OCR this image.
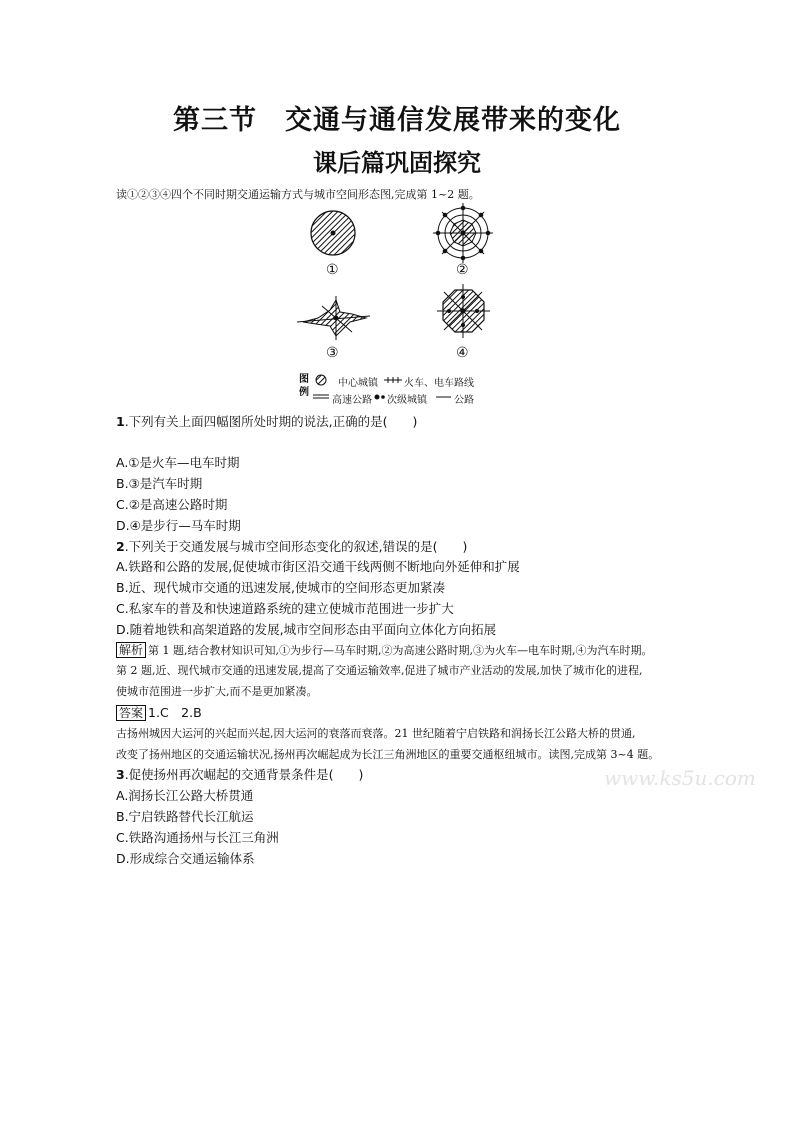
第三节　交通与通信发展带来的变化
课后篇巩固探究
读①②③④四个不同时期交通运输方式与城市空间形态图,完成第 1~2 题。
①	②
③	④
图例
中心城镇	火车、电车路线
高速公路 次级城镇	公路
1.下列有关上面四幅图所处时期的说法,正确的是(　　)
A.①是火车—电车时期
B.③是汽车时期
C.②是高速公路时期
D.④是步行—马车时期
2.下列关于交通发展与城市空间形态变化的叙述,错误的是(　　)
A.铁路和公路的发展,促使城市街区沿交通干线两侧不断地向外延伸和扩展
B.近、现代城市交通的迅速发展,使城市的空间形态更加紧凑
C.私家车的普及和快速道路系统的建立使城市范围进一步扩大
D.随着地铁和高架道路的发展,城市空间形态由平面向立体化方向拓展
解析 第 1 题,结合教材知识可知,①为步行—马车时期,②为高速公路时期,③为火车—电车时期,④为汽车时期。
第 2 题,近、现代城市交通的迅速发展,提高了交通运输效率,促进了城市产业活动的发展,加快了城市化的进程,
使城市范围进一步扩大,而不是更加紧凑。
答案 1.C　2.B
古扬州城因大运河的兴起而兴起,因大运河的衰落而衰落。21 世纪随着宁启铁路和润扬长江公路大桥的贯通,
改变了扬州地区的交通运输状况,扬州再次崛起成为长江三角洲地区的重要交通枢纽城市。读图,完成第 3~4 题。
www.ks5u.com
3.促使扬州再次崛起的交通背景条件是(　　)
A.润扬长江公路大桥贯通
B.宁启铁路替代长江航运
C.铁路沟通扬州与长江三角洲
D.形成综合交通运输体系
